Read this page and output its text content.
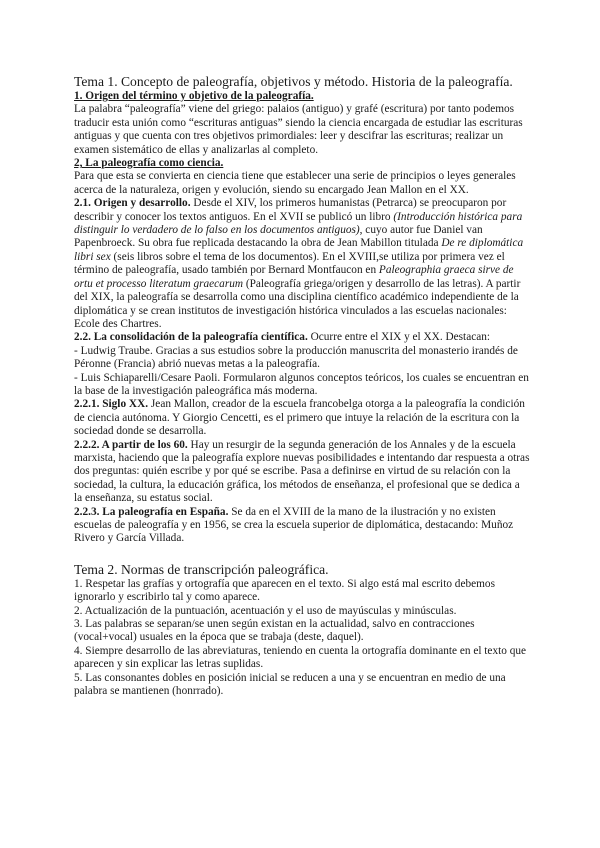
Tema 1. Concepto de paleografía, objetivos y método. Historia de la paleografía.
1. Origen del término y objetivo de la paleografía.

La palabra “paleografía” viene del griego: palaios (antiguo) y grafé (escritura) por tanto podemos traducir esta unión como “escrituras antiguas” siendo la ciencia encargada de estudiar las escrituras antiguas y que cuenta con tres objetivos primordiales: leer y descifrar las escrituras; realizar un examen sistemático de ellas y analizarlas al completo.

2, La paleografía como ciencia.

Para que esta se convierta en ciencia tiene que establecer una serie de principios o leyes generales acerca de la naturaleza, origen y evolución, siendo su encargado Jean Mallon en el XX.

2.1. Origen y desarrollo. Desde el XIV, los primeros humanistas (Petrarca) se preocuparon por describir y conocer los textos antiguos. En el XVII se publicó un libro (Introducción histórica para distinguir lo verdadero de lo falso en los documentos antiguos), cuyo autor fue Daniel van Papenbroeck. Su obra fue replicada destacando la obra de Jean Mabillon titulada De re diplomática libri sex (seis libros sobre el tema de los documentos). En el XVIII,se utiliza por primera vez el término de paleografía, usado también por Bernard Montfaucon en Paleographia graeca sirve de ortu et processo literatum graecarum (Paleografía griega/origen y desarrollo de las letras). A partir del XIX, la paleografía se desarrolla como una disciplina científico académico independiente de la diplomática y se crean institutos de investigación histórica vinculados a las escuelas nacionales: Ecole des Chartres.

2.2. La consolidación de la paleografía científica. Ocurre entre el XIX y el XX. Destacan:

- Ludwig Traube. Gracias a sus estudios sobre la producción manuscrita del monasterio irandés de Péronne (Francia) abrió nuevas metas a la paleografía.

- Luis Schiaparelli/Cesare Paoli. Formularon algunos conceptos teóricos, los cuales se encuentran en la base de la investigación paleográfica más moderna.

2.2.1. Siglo XX. Jean Mallon, creador de la escuela francobelga otorga a la paleografía la condición de ciencia autónoma. Y Giorgio Cencetti, es el primero que intuye la relación de la escritura con la sociedad donde se desarrolla.

2.2.2. A partir de los 60. Hay un resurgir de la segunda generación de los Annales y de la escuela marxista, haciendo que la paleografía explore nuevas posibilidades e intentando dar respuesta a otras dos preguntas: quién escribe y por qué se escribe. Pasa a definirse en virtud de su relación con la sociedad, la cultura, la educación gráfica, los métodos de enseñanza, el profesional que se dedica a la enseñanza, su estatus social.

2.2.3. La paleografía en España. Se da en el XVIII de la mano de la ilustración y no existen escuelas de paleografía y en 1956, se crea la escuela superior de diplomática, destacando: Muñoz Rivero y García Villada.

Tema 2. Normas de transcripción paleográfica.

1. Respetar las grafías y ortografía que aparecen en el texto. Si algo está mal escrito debemos ignorarlo y escribirlo tal y como aparece.

2. Actualización de la puntuación, acentuación y el uso de mayúsculas y minúsculas.

3. Las palabras se separan/se unen según existan en la actualidad, salvo en contracciones (vocal+vocal) usuales en la época que se trabaja (deste, daquel).

4. Siempre desarrollo de las abreviaturas, teniendo en cuenta la ortografía dominante en el texto que aparecen y sin explicar las letras suplidas.

5. Las consonantes dobles en posición inicial se reducen a una y se encuentran en medio de una palabra se mantienen (honrrado).
